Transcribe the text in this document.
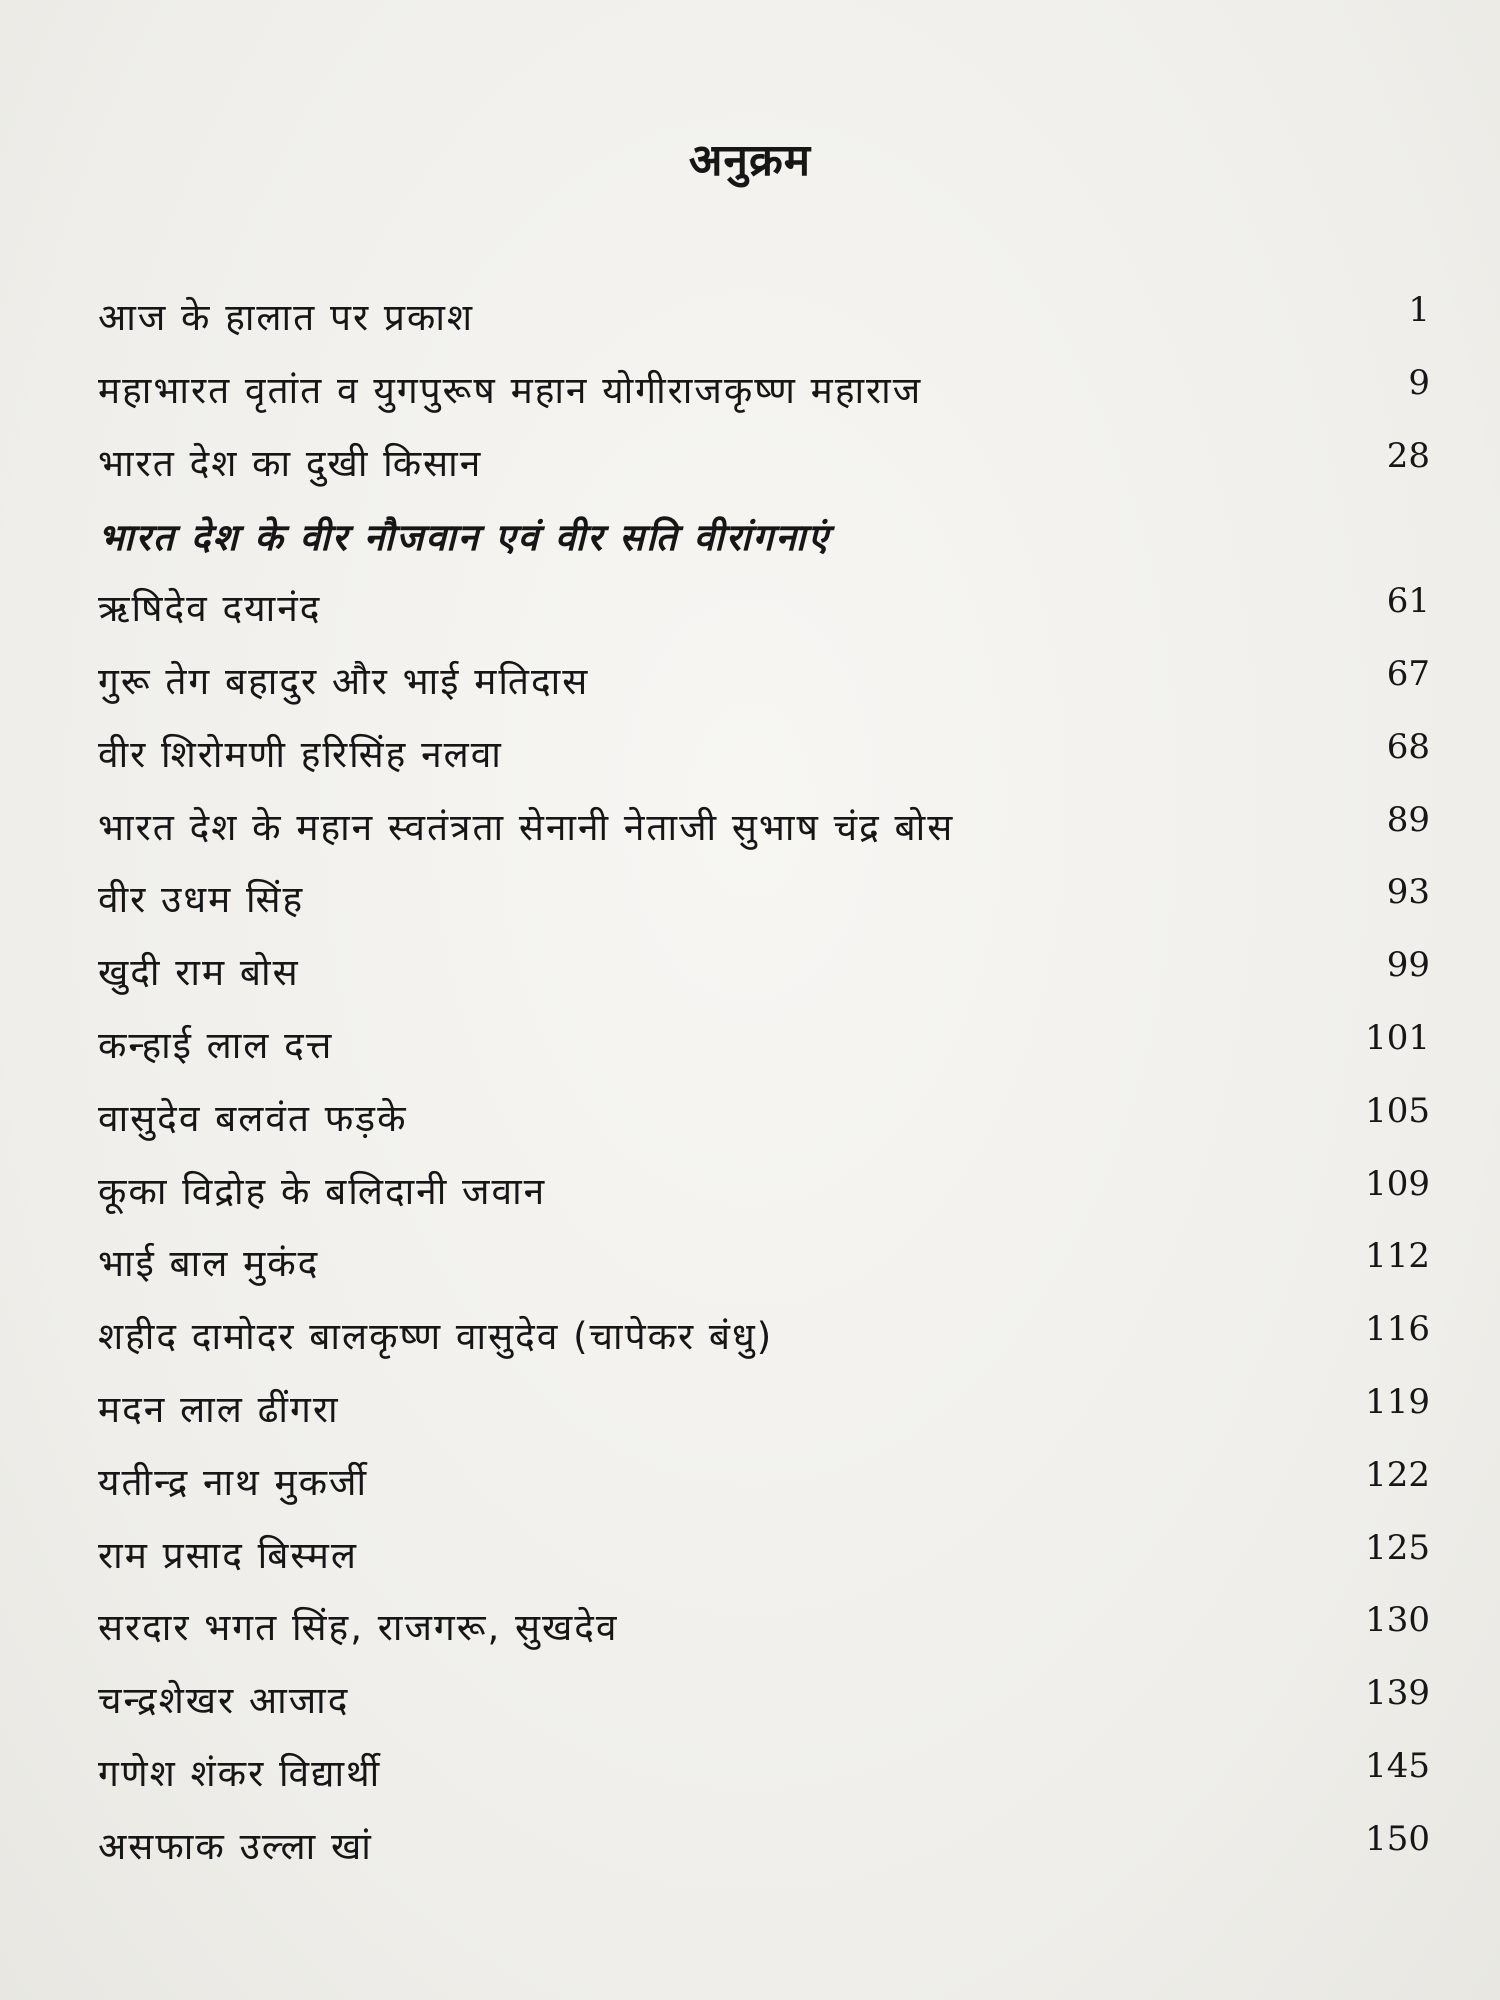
अनुक्रम
आज के हालात पर प्रकाश	1
महाभारत वृतांत व युगपुरूष महान योगीराजकृष्ण महाराज	9
भारत देश का दुखी किसान	28
भारत देश के वीर नौजवान एवं वीर सति वीरांगनाएं
ऋषिदेव दयानंद	61
गुरू तेग बहादुर और भाई मतिदास	67
वीर शिरोमणी हरिसिंह नलवा	68
भारत देश के महान स्वतंत्रता सेनानी नेताजी सुभाष चंद्र बोस	89
वीर उधम सिंह	93
खुदी राम बोस	99
कन्हाई लाल दत्त	101
वासुदेव बलवंत फड़के	105
कूका विद्रोह के बलिदानी जवान	109
भाई बाल मुकंद	112
शहीद दामोदर बालकृष्ण वासुदेव (चापेकर बंधु)	116
मदन लाल ढींगरा	119
यतीन्द्र नाथ मुकर्जी	122
राम प्रसाद बिस्मल	125
सरदार भगत सिंह, राजगरू, सुखदेव	130
चन्द्रशेखर आजाद	139
गणेश शंकर विद्यार्थी	145
असफाक उल्ला खां	150
